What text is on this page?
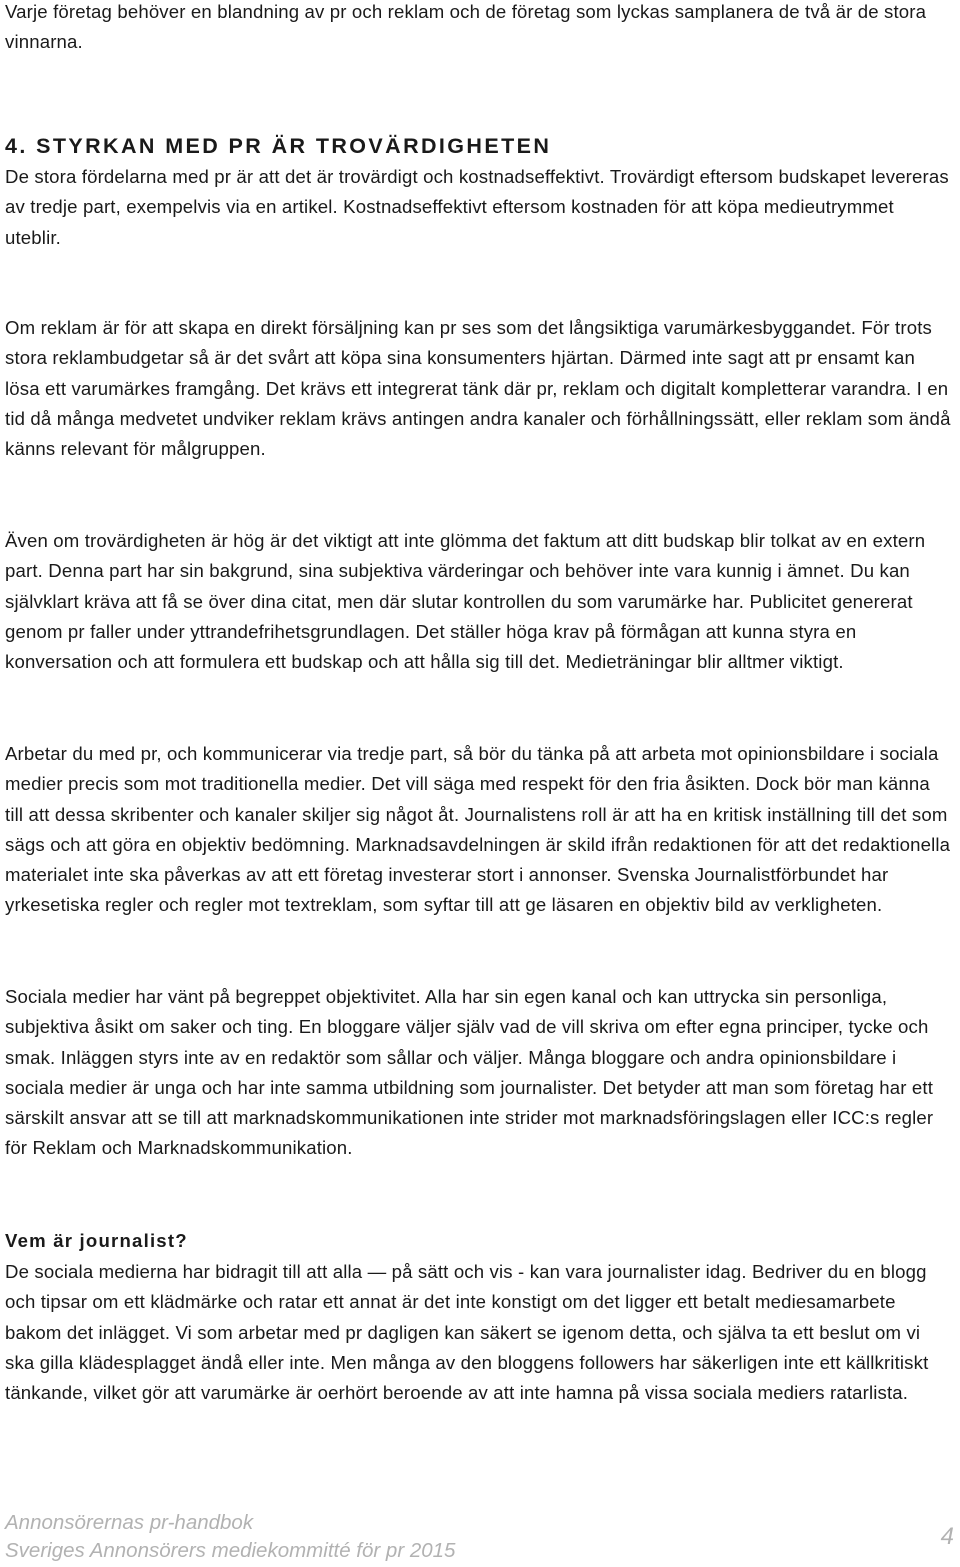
Varje företag behöver en blandning av pr och reklam och de företag som lyckas samplanera de två är de stora vinnarna.

4. STYRKAN MED PR ÄR TROVÄRDIGHETEN

De stora fördelarna med pr är att det är trovärdigt och kostnadseffektivt. Trovärdigt eftersom budskapet levereras av tredje part, exempelvis via en artikel. Kostnadseffektivt eftersom kostnaden för att köpa medieutrymmet uteblir.

Om reklam är för att skapa en direkt försäljning kan pr ses som det långsiktiga varumärkesbyggandet. För trots stora reklambudgetar så är det svårt att köpa sina konsumenters hjärtan. Därmed inte sagt att pr ensamt kan lösa ett varumärkes framgång. Det krävs ett integrerat tänk där pr, reklam och digitalt kompletterar varandra. I en tid då många medvetet undviker reklam krävs antingen andra kanaler och förhållningssätt, eller reklam som ändå känns relevant för målgruppen.

Även om trovärdigheten är hög är det viktigt att inte glömma det faktum att ditt budskap blir tolkat av en extern part. Denna part har sin bakgrund, sina subjektiva värderingar och behöver inte vara kunnig i ämnet. Du kan självklart kräva att få se över dina citat, men där slutar kontrollen du som varumärke har. Publicitet genererat genom pr faller under yttrandefrihetsgrundlagen. Det ställer höga krav på förmågan att kunna styra en konversation och att formulera ett budskap och att hålla sig till det. Medieträningar blir alltmer viktigt.

Arbetar du med pr, och kommunicerar via tredje part, så bör du tänka på att arbeta mot opinionsbildare i sociala medier precis som mot traditionella medier. Det vill säga med respekt för den fria åsikten. Dock bör man känna till att dessa skribenter och kanaler skiljer sig något åt. Journalistens roll är att ha en kritisk inställning till det som sägs och att göra en objektiv bedömning. Marknadsavdelningen är skild ifrån redaktionen för att det redaktionella materialet inte ska påverkas av att ett företag investerar stort i annonser. Svenska Journalistförbundet har yrkesetiska regler och regler mot textreklam, som syftar till att ge läsaren en objektiv bild av verkligheten.

Sociala medier har vänt på begreppet objektivitet. Alla har sin egen kanal och kan uttrycka sin personliga, subjektiva åsikt om saker och ting. En bloggare väljer själv vad de vill skriva om efter egna principer, tycke och smak. Inläggen styrs inte av en redaktör som sållar och väljer. Många bloggare och andra opinionsbildare i sociala medier är unga och har inte samma utbildning som journalister. Det betyder att man som företag har ett särskilt ansvar att se till att marknadskommunikationen inte strider mot marknadsföringslagen eller ICC:s regler för Reklam och Marknadskommunikation.

Vem är journalist?

De sociala medierna har bidragit till att alla — på sätt och vis - kan vara journalister idag. Bedriver du en blogg och tipsar om ett klädmärke och ratar ett annat är det inte konstigt om det ligger ett betalt mediesamarbete bakom det inlägget. Vi som arbetar med pr dagligen kan säkert se igenom detta, och själva ta ett beslut om vi ska gilla klädesplagget ändå eller inte. Men många av den bloggens followers har säkerligen inte ett källkritiskt tänkande, vilket gör att varumärke är oerhört beroende av att inte hamna på vissa sociala mediers ratarlista.

Annonsörernas pr-handbok
Sveriges Annonsörers mediekommitté för pr 2015
4
